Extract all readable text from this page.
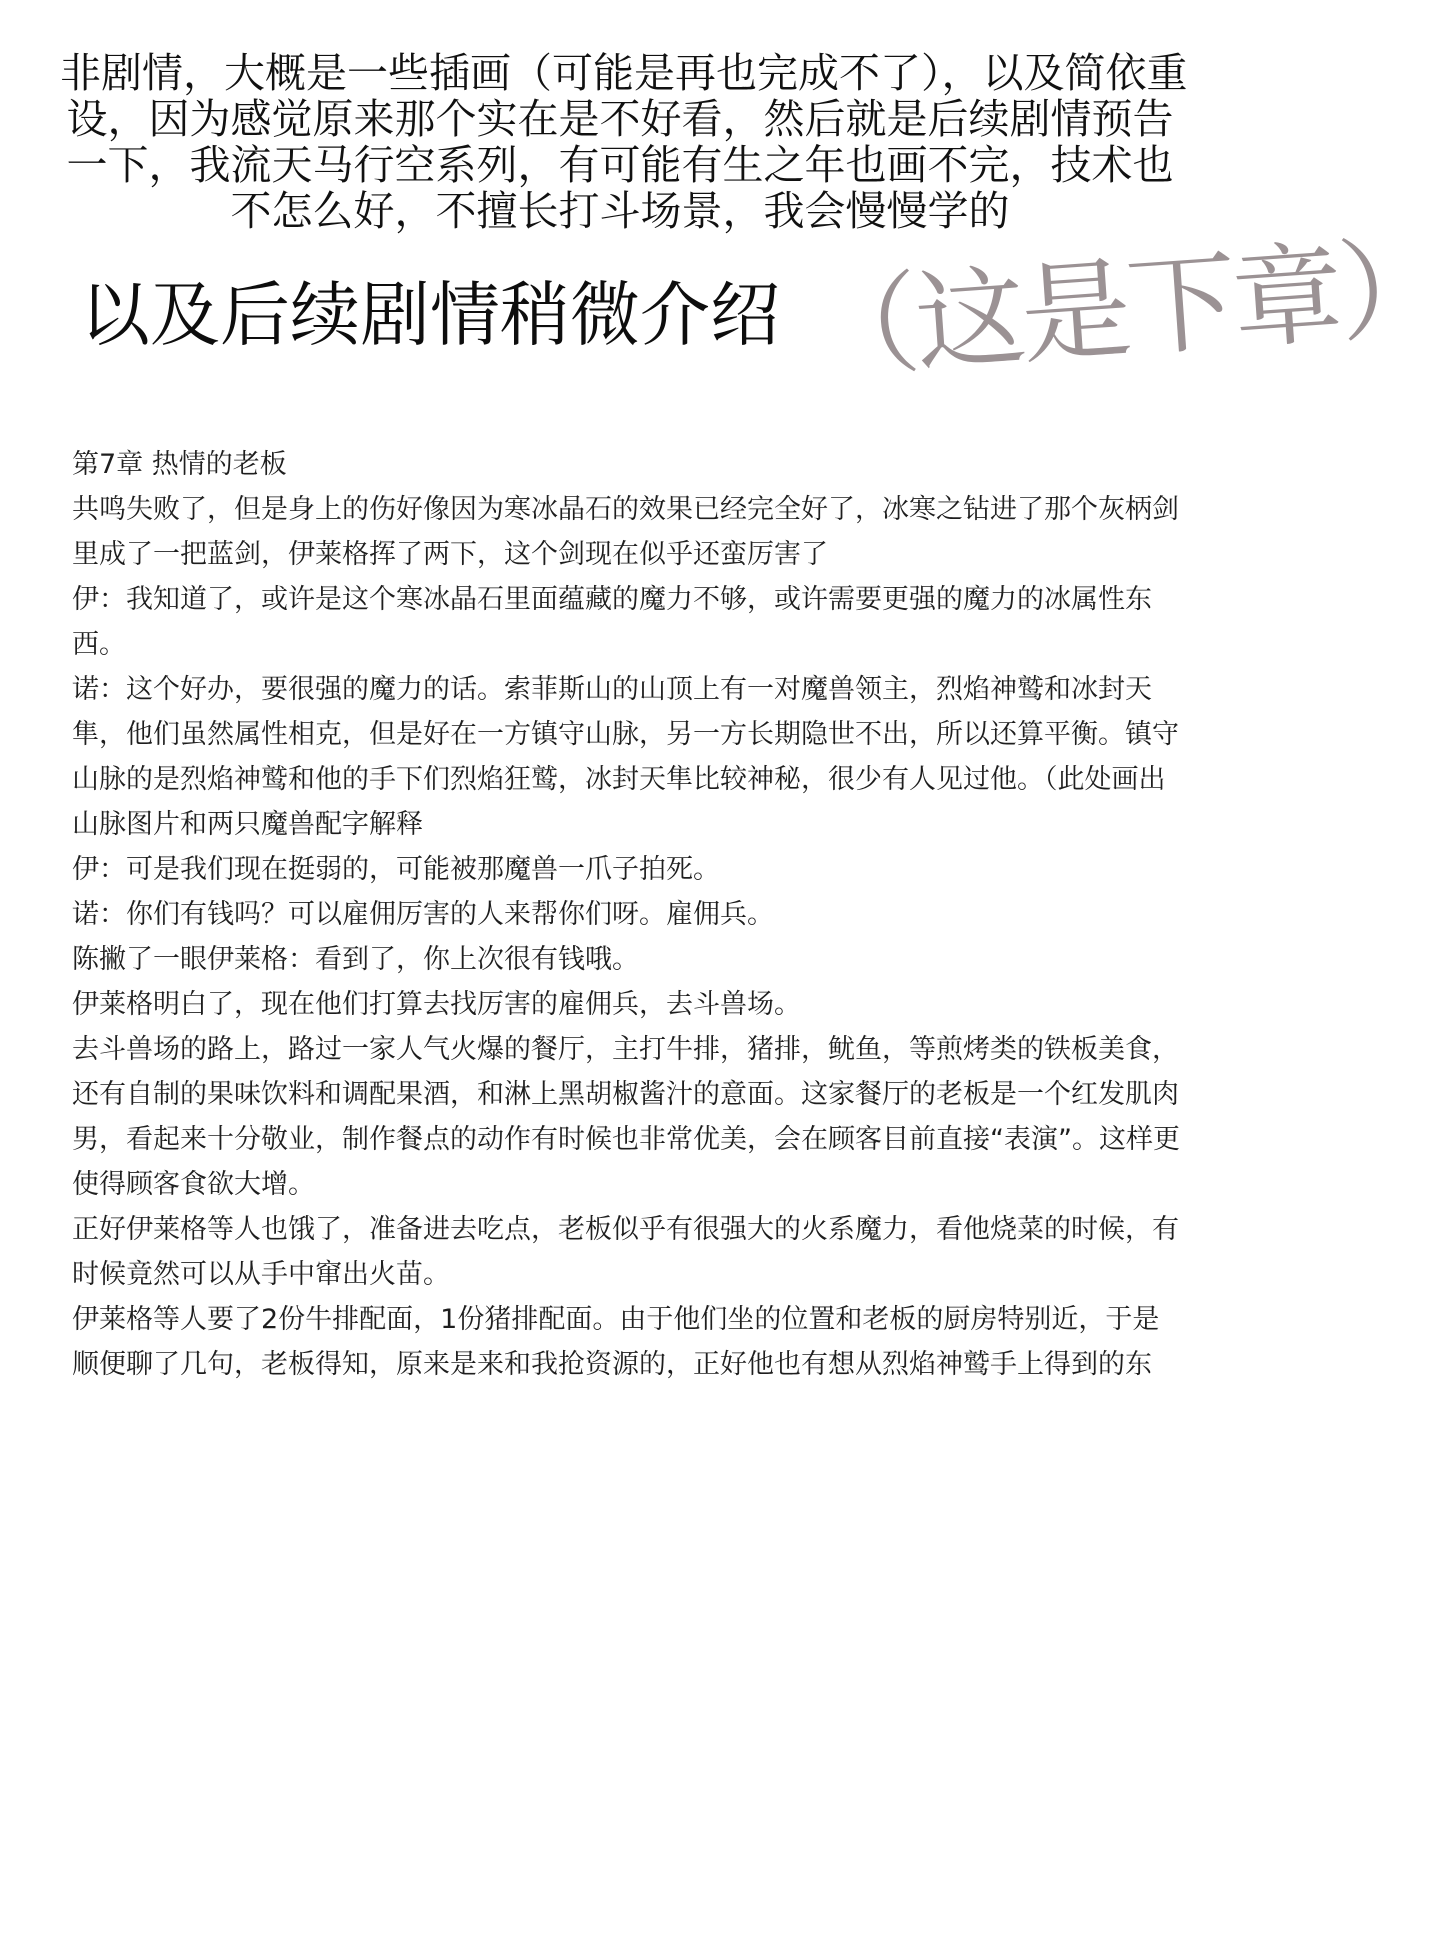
非剧情，大概是一些插画（可能是再也完成不了），以及简依重
设，因为感觉原来那个实在是不好看，然后就是后续剧情预告
一下，我流天马行空系列，有可能有生之年也画不完，技术也
不怎么好，不擅长打斗场景，我会慢慢学的
以及后续剧情稍微介绍 （这是下章）

第7章 热情的老板

共鸣失败了，但是身上的伤好像因为寒冰晶石的效果已经完全好了，冰寒之钻进了那个灰柄剑里成了一把蓝剑，伊莱格挥了两下，这个剑现在似乎还蛮厉害了

伊：我知道了，或许是这个寒冰晶石里面蕴藏的魔力不够，或许需要更强的魔力的冰属性东西。

诺：这个好办，要很强的魔力的话。索菲斯山的山顶上有一对魔兽领主，烈焰神鹫和冰封天隼，他们虽然属性相克，但是好在一方镇守山脉，另一方长期隐世不出，所以还算平衡。镇守山脉的是烈焰神鹫和他的手下们烈焰狂鹫，冰封天隼比较神秘，很少有人见过他。（此处画出山脉图片和两只魔兽配字解释

伊：可是我们现在挺弱的，可能被那魔兽一爪子拍死。

诺：你们有钱吗？可以雇佣厉害的人来帮你们呀。雇佣兵。

陈撇了一眼伊莱格：看到了，你上次很有钱哦。

伊莱格明白了，现在他们打算去找厉害的雇佣兵，去斗兽场。

去斗兽场的路上，路过一家人气火爆的餐厅，主打牛排，猪排，鱿鱼，等煎烤类的铁板美食，还有自制的果味饮料和调配果酒，和淋上黑胡椒酱汁的意面。这家餐厅的老板是一个红发肌肉男，看起来十分敬业，制作餐点的动作有时候也非常优美，会在顾客目前直接“表演”。这样更使得顾客食欲大增。

正好伊莱格等人也饿了，准备进去吃点，老板似乎有很强大的火系魔力，看他烧菜的时候，有时候竟然可以从手中窜出火苗。

伊莱格等人要了2份牛排配面，1份猪排配面。由于他们坐的位置和老板的厨房特别近，于是顺便聊了几句，老板得知，原来是来和我抢资源的，正好他也有想从烈焰神鹫手上得到的东
